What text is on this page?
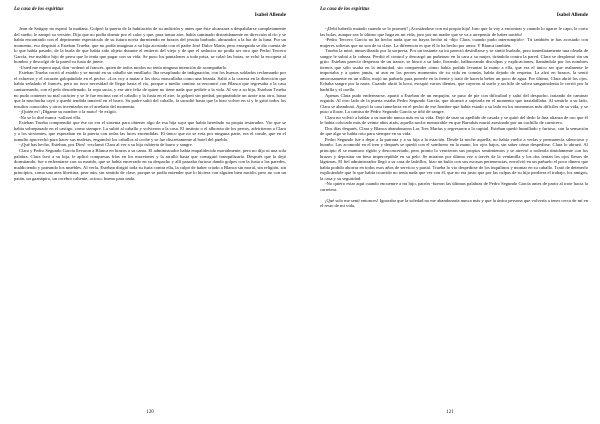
La casa de los espíritus
Isabel Allende

Jean de Satigny no esperó la mañana. Golpeó la puerta de la habitación de su anfitrión y antes que éste alcanzara a despabilarse completamente del sueño, le zampó su versión. Dijo que no podía dormir por el calor y que, para tomar aire, había caminado distraídamente en dirección al río y se había encontrado con el deprimente espectáculo de su futura novia durmiendo en brazos del jesuita barbudo, abrazados a la luz de la luna. Por un momento, eso despistó a Esteban Trueba, que no podía imaginar a su hija acostada con el padre José Dulce María, pero enseguida se dio cuenta de lo que había pasado, de la burla de que había sido objeto durante el entierro del viejo y de que el seductor no podía ser otro que Pedro Tercero García, ese maldito hijo de perra que lo tenía que pagar con su vida. Se puso los pantalones a toda prisa, se calzó las botas, se echó la escopeta al hombro y descolgó de la pared su fusta de jinete.

-Usted me espera aquí, don -ordenó al francés, quien de todos modos no tenía ninguna intención de acompañarlo.

Esteban Trueba corrió al establo y se montó en su caballo sin ensillarlo. Iba resoplando de indignación, con los huesos soldados reclamando por el esfuerzo y el corazón galopándole en el pecho. «Los voy a matar a los dos» mascullaba como una letanía. Salió a la carrera en la dirección que había señalado el francés, pero no tuvo necesidad de llegar hasta el río, porque a medio camino se encontró con Blanca que regresaba a la casa canturreando, con el pelo desordenado, la ropa sucia, y ese aire feliz de quien no tiene nada que pedirle a la vida. Al ver a su hija, Esteban Trueba no pudo contener su mal carácter y se le fue encima con el caballo y la fusta en el aire, la golpeó sin piedad, propinándole un azote tras otro, hasta que la muchacha cayó y quedó tendida inmóvil en el barro. Su padre saltó del caballo, la sacudió hasta que la hizo volver en sí y le gritó todos los insultos conocidos y otros inventados en el arrebato del momento.

-¡Quién es! ¡Dígame su nombre o la mato! -le exigió.

-No se lo diré nunca -sollozó ella.

Esteban Trueba comprendió que ése no era el sistema para obtener algo de esa hija suya que había heredado su propia testarudez. Vio que se había sobrepasado en el castigo, como siempre. La subió al caballo y volvieron a la casa. El instinto o el alboroto de los perros, advirtieron a Clara y a los sirvientes, que esperaban en la puerta con todas las luces encendidas. El único que no se veía por ninguna parte, era el conde, que en el tumulto aprovechó para hacer sus maletas, enganchó los caballos al coche y se fue discretamente al hotel del pueblo.

-¡Qué has hecho, Esteban, por Dios! -exclamó Clara al ver a su hija cubierta de barro y sangre.

Clara y Pedro Segundo García llevaron a Blanca en brazos a su cama. El administrador había empalidecido mortalmente, pero no dijo ni una sola palabra. Clara lavó a su hija, le aplicó compresas frías en los moretones y la arrulló hasta que consiguió tranquilizarla. Después que la dejó dormitando, fue a enfrentarse con su marido, que se había encerrado en su despacho y allí paseaba furioso dando golpes con la fusta a las paredes, maldiciendo y pateando los muebles. Al verla, Esteban dirigió toda su furia contra ella, la culpó de haber criado a Blanca sin moral, sin religión, sin principios, como una atea libertina, peor aún, sin sentido de clase, porque se podía entender que lo hiciera con alguien bien nacido, pero no con un patán, un gaznápiro, un cerebro caliente, ocioso, bueno para nada.

120
La casa de los espíritus
Isabel Allende

-¡Debí haberlo matado cuando se lo prometí! ¡Acostándose con mi propia hija! Juro que lo voy a encontrar y cuando lo agarre le capo, le corto las bolas, aunque sea lo último que haga en mi vida, juro por mi madre que se va a arrepentir de haber nacido!

-Pedro Tercero García no ha hecho nada que no hayas hecho tú -dijo Clara, cuando pudo interrumpirlo-. Tú también te has acostado con mujeres solteras que no son de tu clase. La diferencia es que él lo ha hecho por amor. Y Blanca también.

Trueba la miró, inmovilizado por la sorpresa. Por un instante su ira pareció desinflarse y se sintió burlado, pero inmediatamente una oleada de sangre le subió a la cabeza. Perdió el control y descargó un puñetazo en la cara a su mujer, tirándola contra la pared. Clara se desplomó sin un grito. Esteban pareció despertar de un trance, se hincó a su lado, llorando, balbuceando disculpas y explicaciones, llamándola por los nombres tiernos que sólo usaba en la intimidad, sin comprender cómo había podido levantar la mano a ella, que era el único ser que realmente le importaba y a quien jamás, ni aun en los peores momentos de su vida en común, había dejado de respetar. La alzó en brazos, la sentó amorosamente en un sillón, mojó un pañuelo para ponerle en la frente y trató de hacerla beber un poco de agua. Por último, Clara abrió los ojos. Echaba sangre por la nariz. Cuando abrió la boca, escupió varios dientes, que cayeron al suelo y un hilo de saliva sanguinolenta le corrió por la barbilla y el cuello.

Apenas Clara pudo enderezarse, apartó a Esteban de un empujón, se puso de pie con dificultad y salió del despacho, tratando de caminar erguida. Al otro lado de la puerta estaba Pedro Segundo García, que alcanzó a sujetarla en el momento que trastabillaba. Al sentirlo a su lado, Clara se abandonó. Apoyó la cara tumefacta en el pecho de ese hombre que había estado a su lado en los momentos más difíciles de su vida, y se puso a llorar. La camisa de Pedro Segundo García se tiñó de sangre.

Clara no volvió a hablar a su marido nunca más en su vida. Dejó de usar su apellido de casada y se quitó del dedo la fina alianza de oro que él le había colocado más de veinte años atrás, aquella noche memorable en que Barrabás murió asesinado por un cuchillo de carnicero.

Dos días después, Clara y Blanca abandonaron Las Tres Marías y regresaron a la capital. Esteban quedó humillado y furioso, con la sensación de que algo se había roto para siempre en su vida.

Pedro Segundo fue a dejar a la patrona y a su hija a la estación. Desde la noche aquella, no había vuelto a verlas y permanecía silencioso y huraño. Las acomodó en el tren y después se quedó con el sombrero en la mano, los ojos bajos, sin saber cómo despedirse. Clara lo abrazó. Al principio él se mantuvo rígido y desconcertado, pero pronto lo vencieron sus propios sentimientos y se atrevió a rodearla tímidamente con los brazos y depositar un beso imperceptible en su pelo. Se miraron por última vez a través de la ventanilla y los dos tenían los ojos llenos de lágrimas. El fiel administrador llegó a su casa de ladrillos, hizo un bulto con sus escasas pertenencias, envolvió en un pañuelo el poco dinero que había podido ahorrar en todos esos años de servicio y partió. Trueba lo vio despedirse de los inquilinos y montar en su caballo. Trató de detenerlo explicándole que lo que había ocurrido no tenía nada que ver con él, que no era justo que por las culpas de su hijo perdiera el trabajo, los amigos, la casa y su seguridad.

-No quiero estar aquí cuando encuentre a mi hijo, patrón -fueron las últimas palabras de Pedro Segundo García antes de partir al trote hacia la carretera.

¡Qué solo me sentí entonces! Ignoraba que la soledad no me abandonaría nunca más y que la única persona que volvería a tener cerca de mí en el resto de mi vida,

121
